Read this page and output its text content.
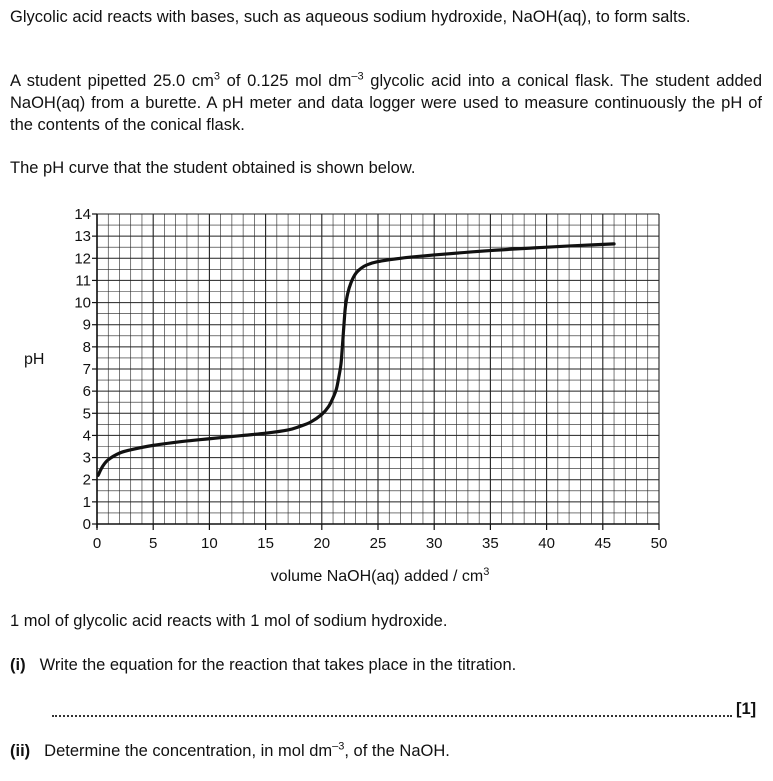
Glycolic acid reacts with bases, such as aqueous sodium hydroxide, NaOH(aq), to form salts.
A student pipetted 25.0 $cm^3$ of 0.125 mol $dm^{-3}$ glycolic acid into a conical flask. The student added NaOH(aq) from a burette. A pH meter and data logger were used to measure continuously the pH of the contents of the conical flask.
The pH curve that the student obtained is shown below.
0
1
2
3
4
5
6
7
8
9
10
11
12
13
14
0	5	10	15	20	25	30	35	40	45	50
pH
volume NaOH(aq) added / $cm^3$
1 mol of glycolic acid reacts with 1 mol of sodium hydroxide.
(i) Write the equation for the reaction that takes place in the titration.
[1]
(ii) Determine the concentration, in mol $dm^{-3}$, of the NaOH.
